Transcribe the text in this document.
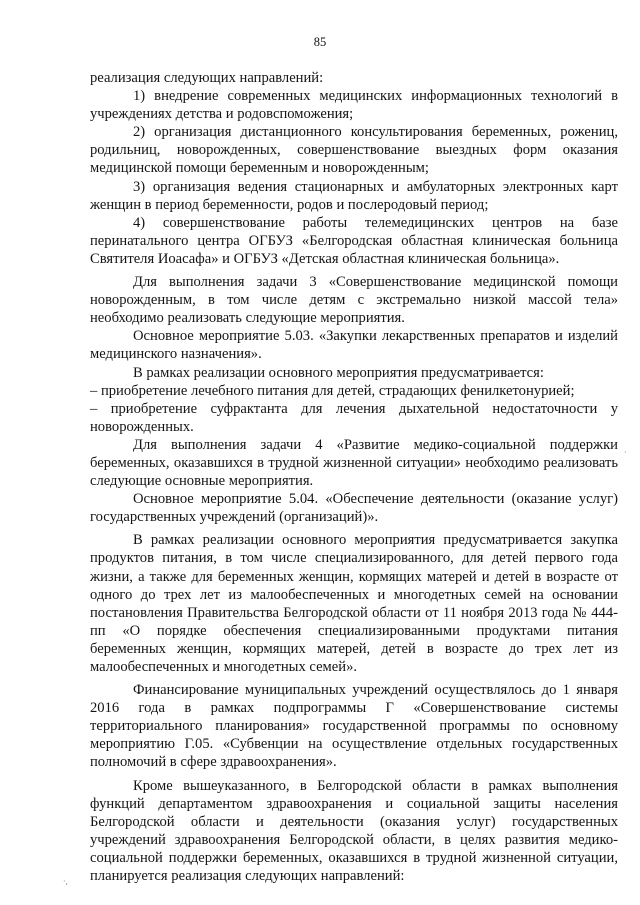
85

реализация следующих направлений:

1) внедрение современных медицинских информационных технологий в учреждениях детства и родовспоможения;

2) организация дистанционного консультирования беременных, рожениц, родильниц, новорожденных, совершенствование выездных форм оказания медицинской помощи беременным и новорожденным;

3) организация ведения стационарных и амбулаторных электронных карт женщин в период беременности, родов и послеродовый период;

4) совершенствование работы телемедицинских центров на базе перинатального центра ОГБУЗ «Белгородская областная клиническая больница Святителя Иоасафа» и ОГБУЗ «Детская областная клиническая больница».

Для выполнения задачи 3 «Совершенствование медицинской помощи новорожденным, в том числе детям с экстремально низкой массой тела» необходимо реализовать следующие мероприятия.

Основное мероприятие 5.03. «Закупки лекарственных препаратов и изделий медицинского назначения».

В рамках реализации основного мероприятия предусматривается:

– приобретение лечебного питания для детей, страдающих фенилкетонурией;

– приобретение суфрактанта для лечения дыхательной недостаточности у новорожденных.

Для выполнения задачи 4 «Развитие медико-социальной поддержки беременных, оказавшихся в трудной жизненной ситуации» необходимо реализовать следующие основные мероприятия.

Основное мероприятие 5.04. «Обеспечение деятельности (оказание услуг) государственных учреждений (организаций)».

В рамках реализации основного мероприятия предусматривается закупка продуктов питания, в том числе специализированного, для детей первого года жизни, а также для беременных женщин, кормящих матерей и детей в возрасте от одного до трех лет из малообеспеченных и многодетных семей на основании постановления Правительства Белгородской области от 11 ноября 2013 года № 444-пп «О порядке обеспечения специализированными продуктами питания беременных женщин, кормящих матерей, детей в возрасте до трех лет из малообеспеченных и многодетных семей».

Финансирование муниципальных учреждений осуществлялось до 1 января 2016 года в рамках подпрограммы Г «Совершенствование системы территориального планирования» государственной программы по основному мероприятию Г.05. «Субвенции на осуществление отдельных государственных полномочий в сфере здравоохранения».

Кроме вышеуказанного, в Белгородской области в рамках выполнения функций департаментом здравоохранения и социальной защиты населения Белгородской области и деятельности (оказания услуг) государственных учреждений здравоохранения Белгородской области, в целях развития медико-социальной поддержки беременных, оказавшихся в трудной жизненной ситуации, планируется реализация следующих направлений:

·
·,
